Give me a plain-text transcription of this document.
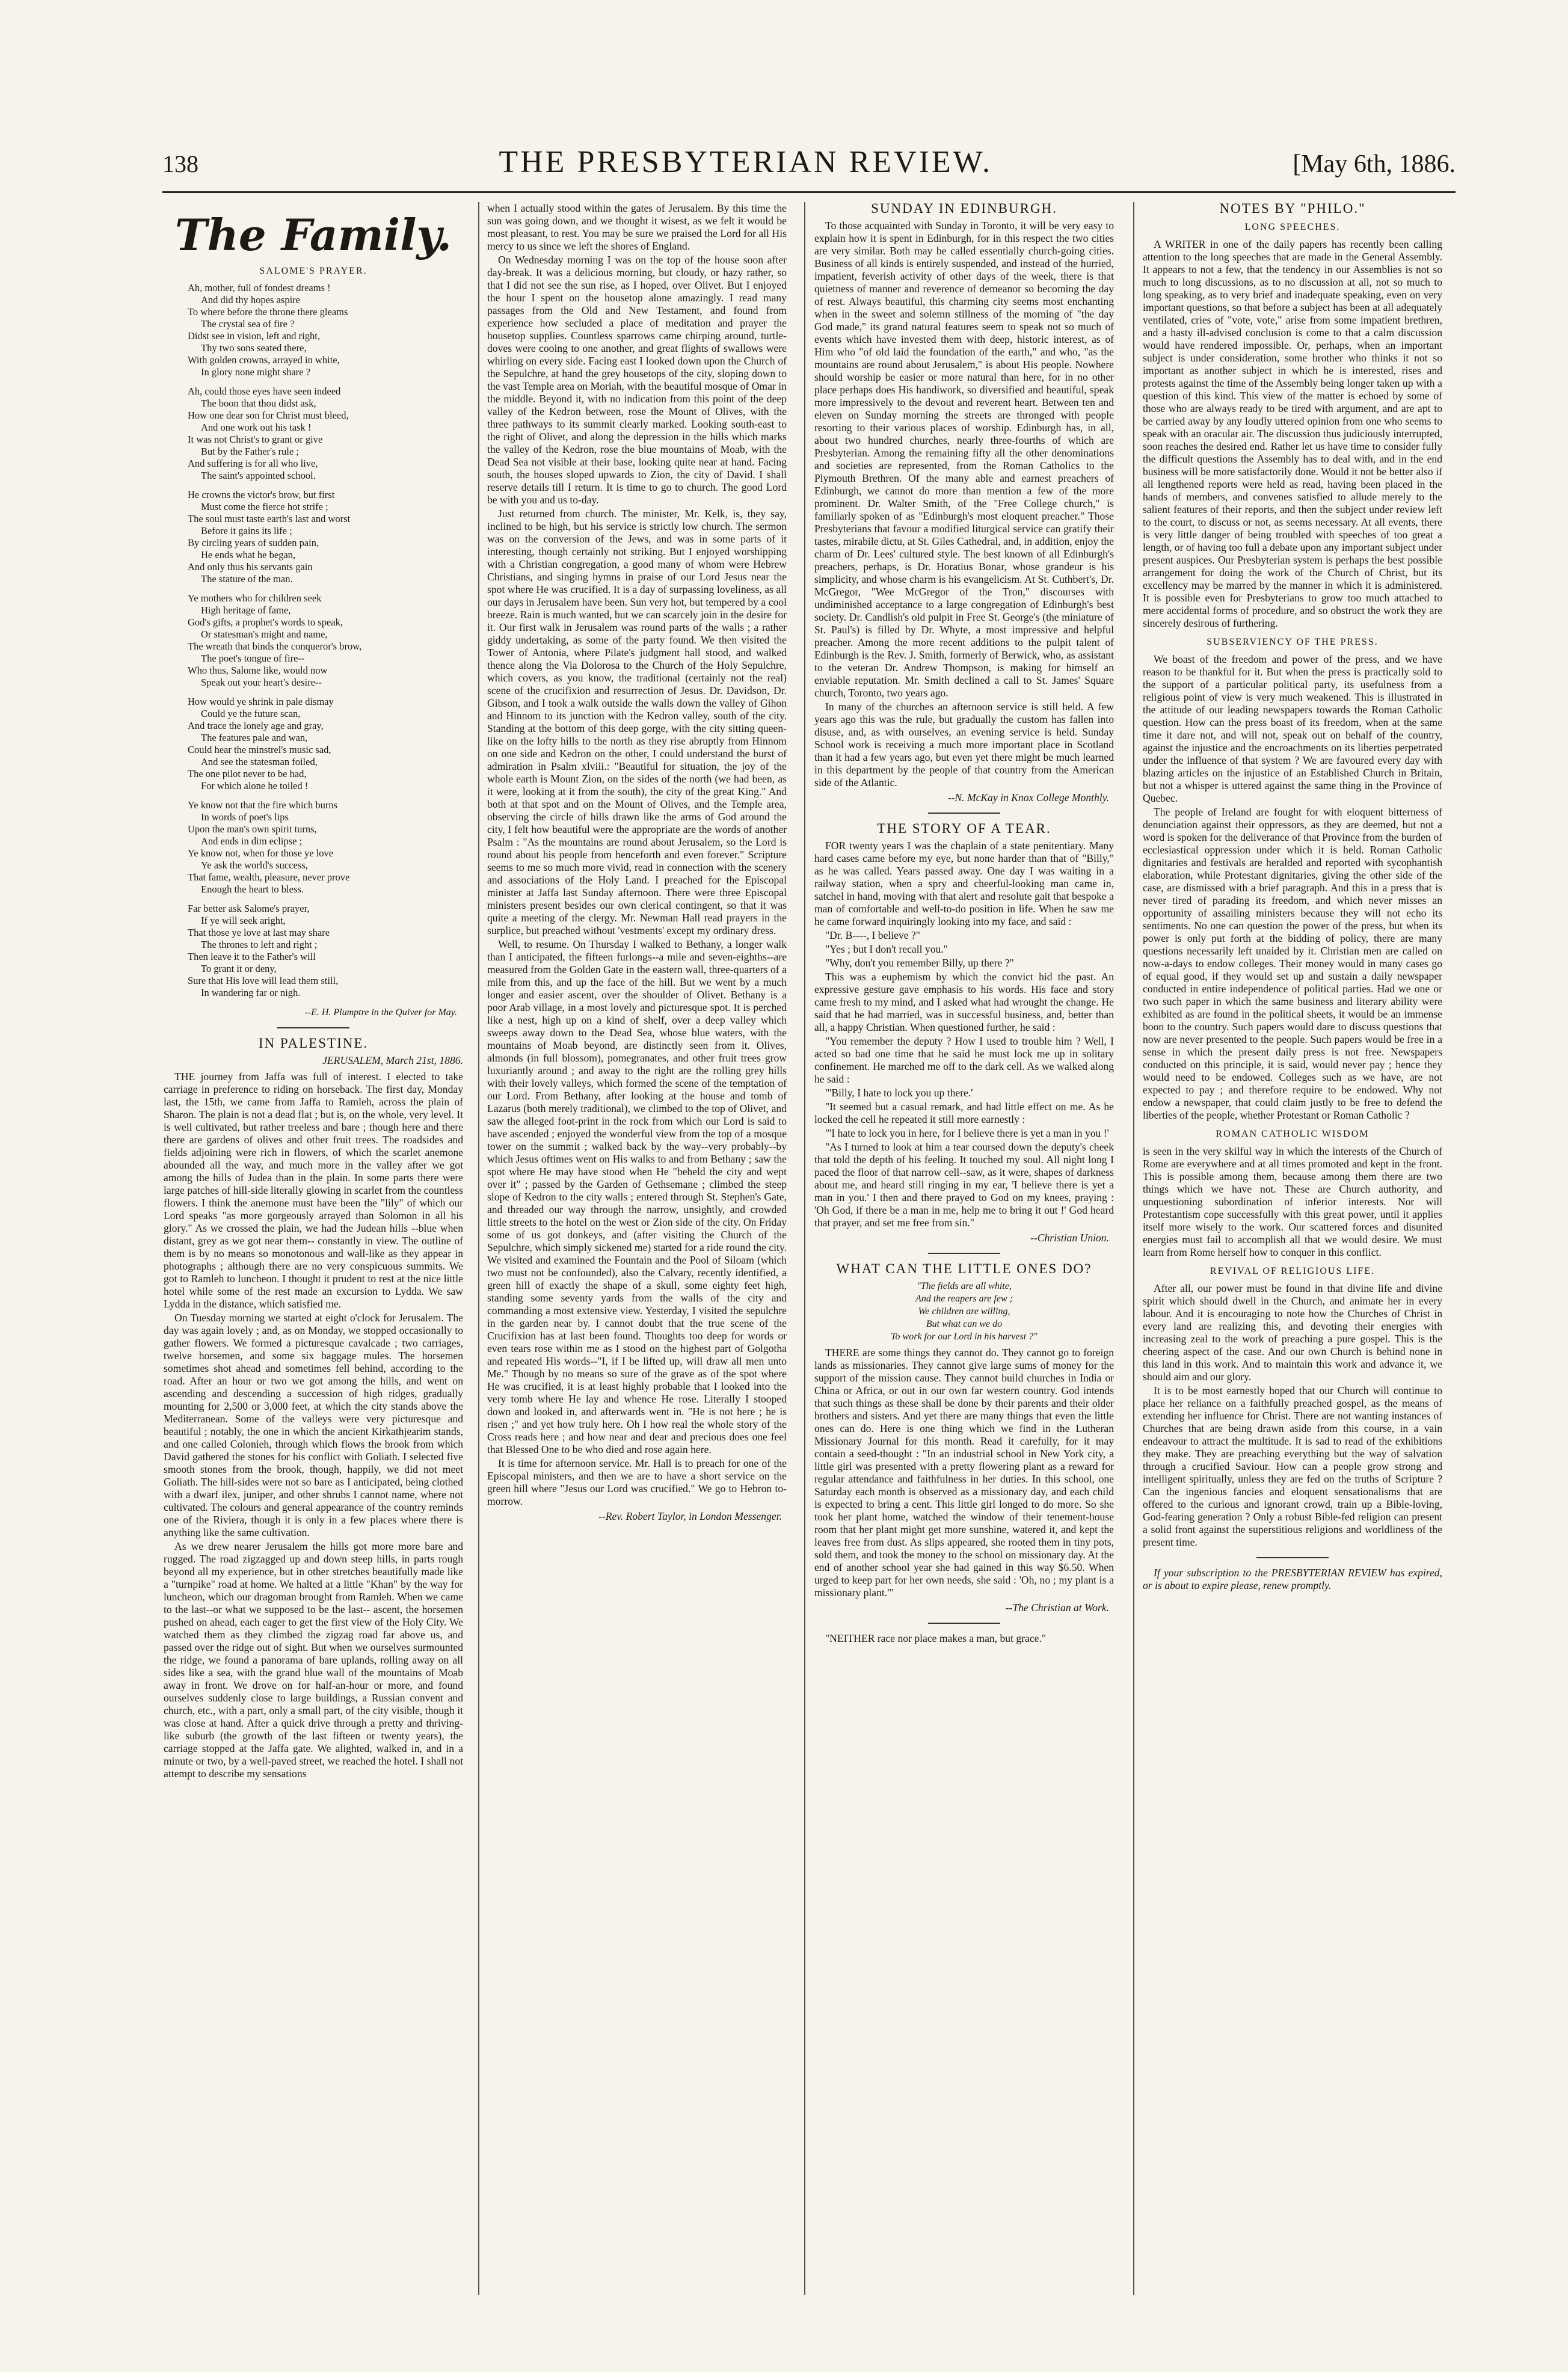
138	THE PRESBYTERIAN REVIEW.	[May 6th, 1886.
The Family.
SALOME'S PRAYER.
Ah, mother, full of fondest dreams !
And did thy hopes aspire
To where before the throne there gleams
The crystal sea of fire ?
Didst see in vision, left and right,
Thy two sons seated there,
With golden crowns, arrayed in white,
In glory none might share ?
Ah, could those eyes have seen indeed
The boon that thou didst ask,
How one dear son for Christ must bleed,
And one work out his task !
It was not Christ's to grant or give
But by the Father's rule ;
And suffering is for all who live,
The saint's appointed school.
He crowns the victor's brow, but first
Must come the fierce hot strife ;
The soul must taste earth's last and worst
Before it gains its life ;
By circling years of sudden pain,
He ends what he began,
And only thus his servants gain
The stature of the man.
Ye mothers who for children seek
High heritage of fame,
God's gifts, a prophet's words to speak,
Or statesman's might and name,
The wreath that binds the conqueror's brow,
The poet's tongue of fire--
Who thus, Salome like, would now
Speak out your heart's desire--
How would ye shrink in pale dismay
Could ye the future scan,
And trace the lonely age and gray,
The features pale and wan,
Could hear the minstrel's music sad,
And see the statesman foiled,
The one pilot never to be had,
For which alone he toiled !
Ye know not that the fire which burns
In words of poet's lips
Upon the man's own spirit turns,
And ends in dim eclipse ;
Ye know not, when for those ye love
Ye ask the world's success,
That fame, wealth, pleasure, never prove
Enough the heart to bless.
Far better ask Salome's prayer,
If ye will seek aright,
That those ye love at last may share
The thrones to left and right ;
Then leave it to the Father's will
To grant it or deny,
Sure that His love will lead them still,
In wandering far or nigh.
--E. H. Plumptre in the Quiver for May.
IN PALESTINE.
JERUSALEM, March 21st, 1886.

THE journey from Jaffa was full of interest. I elected to take carriage in preference to riding on horseback. The first day, Monday last, the 15th, we came from Jaffa to Ramleh, across the plain of Sharon. The plain is not a dead flat ; but is, on the whole, very level. It is well cultivated, but rather treeless and bare ; though here and there there are gardens of olives and other fruit trees. The roadsides and fields adjoining were rich in flowers, of which the scarlet anemone abounded all the way, and much more in the valley after we got among the hills of Judea than in the plain. In some parts there were large patches of hill-side literally glowing in scarlet from the countless flowers. I think the anemone must have been the "lily" of which our Lord speaks "as more gorgeously arrayed than Solomon in all his glory." As we crossed the plain, we had the Judean hills --blue when distant, grey as we got near them-- constantly in view. The outline of them is by no means so monotonous and wall-like as they appear in photographs ; although there are no very conspicuous summits. We got to Ramleh to luncheon. I thought it prudent to rest at the nice little hotel while some of the rest made an excursion to Lydda. We saw Lydda in the distance, which satisfied me.

On Tuesday morning we started at eight o'clock for Jerusalem. The day was again lovely ; and, as on Monday, we stopped occasionally to gather flowers. We formed a picturesque cavalcade ; two carriages, twelve horsemen, and some six baggage mules. The horsemen sometimes shot ahead and sometimes fell behind, according to the road. After an hour or two we got among the hills, and went on ascending and descending a succession of high ridges, gradually mounting for 2,500 or 3,000 feet, at which the city stands above the Mediterranean. Some of the valleys were very picturesque and beautiful ; notably, the one in which the ancient Kirkathjearim stands, and one called Colonieh, through which flows the brook from which David gathered the stones for his conflict with Goliath. I selected five smooth stones from the brook, though, happily, we did not meet Goliath. The hill-sides were not so bare as I anticipated, being clothed with a dwarf ilex, juniper, and other shrubs I cannot name, where not cultivated. The colours and general appearance of the country reminds one of the Riviera, though it is only in a few places where there is anything like the same cultivation.

As we drew nearer Jerusalem the hills got more more bare and rugged. The road zigzagged up and down steep hills, in parts rough beyond all my experience, but in other stretches beautifully made like a "turnpike" road at home. We halted at a little "Khan" by the way for luncheon, which our dragoman brought from Ramleh. When we came to the last--or what we supposed to be the last-- ascent, the horsemen pushed on ahead, each eager to get the first view of the Holy City. We watched them as they climbed the zigzag road far above us, and passed over the ridge out of sight. But when we ourselves surmounted the ridge, we found a panorama of bare uplands, rolling away on all sides like a sea, with the grand blue wall of the mountains of Moab away in front. We drove on for half-an-hour or more, and found ourselves suddenly close to large buildings, a Russian convent and church, etc., with a part, only a small part, of the city visible, though it was close at hand. After a quick drive through a pretty and thriving-like suburb (the growth of the last fifteen or twenty years), the carriage stopped at the Jaffa gate. We alighted, walked in, and in a minute or two, by a well-paved street, we reached the hotel. I shall not attempt to describe my sensations

when I actually stood within the gates of Jerusalem. By this time the sun was going down, and we thought it wisest, as we felt it would be most pleasant, to rest. You may be sure we praised the Lord for all His mercy to us since we left the shores of England.

On Wednesday morning I was on the top of the house soon after day-break. It was a delicious morning, but cloudy, or hazy rather, so that I did not see the sun rise, as I hoped, over Olivet. But I enjoyed the hour I spent on the housetop alone amazingly. I read many passages from the Old and New Testament, and found from experience how secluded a place of meditation and prayer the housetop supplies. Countless sparrows came chirping around, turtle-doves were cooing to one another, and great flights of swallows were whirling on every side. Facing east I looked down upon the Church of the Sepulchre, at hand the grey housetops of the city, sloping down to the vast Temple area on Moriah, with the beautiful mosque of Omar in the middle. Beyond it, with no indication from this point of the deep valley of the Kedron between, rose the Mount of Olives, with the three pathways to its summit clearly marked. Looking south-east to the right of Olivet, and along the depression in the hills which marks the valley of the Kedron, rose the blue mountains of Moab, with the Dead Sea not visible at their base, looking quite near at hand. Facing south, the houses sloped upwards to Zion, the city of David. I shall reserve details till I return. It is time to go to church. The good Lord be with you and us to-day.

Just returned from church. The minister, Mr. Kelk, is, they say, inclined to be high, but his service is strictly low church. The sermon was on the conversion of the Jews, and was in some parts of it interesting, though certainly not striking. But I enjoyed worshipping with a Christian congregation, a good many of whom were Hebrew Christians, and singing hymns in praise of our Lord Jesus near the spot where He was crucified. It is a day of surpassing loveliness, as all our days in Jerusalem have been. Sun very hot, but tempered by a cool breeze. Rain is much wanted, but we can scarcely join in the desire for it. Our first walk in Jerusalem was round parts of the walls ; a rather giddy undertaking, as some of the party found. We then visited the Tower of Antonia, where Pilate's judgment hall stood, and walked thence along the Via Dolorosa to the Church of the Holy Sepulchre, which covers, as you know, the traditional (certainly not the real) scene of the crucifixion and resurrection of Jesus. Dr. Davidson, Dr. Gibson, and I took a walk outside the walls down the valley of Gihon and Hinnom to its junction with the Kedron valley, south of the city. Standing at the bottom of this deep gorge, with the city sitting queen-like on the lofty hills to the north as they rise abruptly from Hinnom on one side and Kedron on the other, I could understand the burst of admiration in Psalm xlviii.: "Beautiful for situation, the joy of the whole earth is Mount Zion, on the sides of the north (we had been, as it were, looking at it from the south), the city of the great King." And both at that spot and on the Mount of Olives, and the Temple area, observing the circle of hills drawn like the arms of God around the city, I felt how beautiful were the appropriate are the words of another Psalm : "As the mountains are round about Jerusalem, so the Lord is round about his people from henceforth and even forever." Scripture seems to me so much more vivid, read in connection with the scenery and associations of the Holy Land. I preached for the Episcopal minister at Jaffa last Sunday afternoon. There were three Episcopal ministers present besides our own clerical contingent, so that it was quite a meeting of the clergy. Mr. Newman Hall read prayers in the surplice, but preached without 'vestments' except my ordinary dress.

Well, to resume. On Thursday I walked to Bethany, a longer walk than I anticipated, the fifteen furlongs--a mile and seven-eighths--are measured from the Golden Gate in the eastern wall, three-quarters of a mile from this, and up the face of the hill. But we went by a much longer and easier ascent, over the shoulder of Olivet. Bethany is a poor Arab village, in a most lovely and picturesque spot. It is perched like a nest, high up on a kind of shelf, over a deep valley which sweeps away down to the Dead Sea, whose blue waters, with the mountains of Moab beyond, are distinctly seen from it. Olives, almonds (in full blossom), pomegranates, and other fruit trees grow luxuriantly around ; and away to the right are the rolling grey hills with their lovely valleys, which formed the scene of the temptation of our Lord. From Bethany, after looking at the house and tomb of Lazarus (both merely traditional), we climbed to the top of Olivet, and saw the alleged foot-print in the rock from which our Lord is said to have ascended ; enjoyed the wonderful view from the top of a mosque tower on the summit ; walked back by the way--very probably--by which Jesus oftimes went on His walks to and from Bethany ; saw the spot where He may have stood when He "beheld the city and wept over it" ; passed by the Garden of Gethsemane ; climbed the steep slope of Kedron to the city walls ; entered through St. Stephen's Gate, and threaded our way through the narrow, unsightly, and crowded little streets to the hotel on the west or Zion side of the city. On Friday some of us got donkeys, and (after visiting the Church of the Sepulchre, which simply sickened me) started for a ride round the city. We visited and examined the Fountain and the Pool of Siloam (which two must not be confounded), also the Calvary, recently identified, a green hill of exactly the shape of a skull, some eighty feet high, standing some seventy yards from the walls of the city and commanding a most extensive view. Yesterday, I visited the sepulchre in the garden near by. I cannot doubt that the true scene of the Crucifixion has at last been found. Thoughts too deep for words or even tears rose within me as I stood on the highest part of Golgotha and repeated His words--"I, if I be lifted up, will draw all men unto Me." Though by no means so sure of the grave as of the spot where He was crucified, it is at least highly probable that I looked into the very tomb where He lay and whence He rose. Literally I stooped down and looked in, and afterwards went in. "He is not here ; he is risen ;" and yet how truly here. Oh I how real the whole story of the Cross reads here ; and how near and dear and precious does one feel that Blessed One to be who died and rose again here.

It is time for afternoon service. Mr. Hall is to preach for one of the Episcopal ministers, and then we are to have a short service on the green hill where "Jesus our Lord was crucified." We go to Hebron to-morrow.

--Rev. Robert Taylor, in London Messenger.
SUNDAY IN EDINBURGH.

To those acquainted with Sunday in Toronto, it will be very easy to explain how it is spent in Edinburgh, for in this respect the two cities are very similar. Both may be called essentially church-going cities. Business of all kinds is entirely suspended, and instead of the hurried, impatient, feverish activity of other days of the week, there is that quietness of manner and reverence of demeanor so becoming the day of rest. Always beautiful, this charming city seems most enchanting when in the sweet and solemn stillness of the morning of "the day God made," its grand natural features seem to speak not so much of events which have invested them with deep, historic interest, as of Him who "of old laid the foundation of the earth," and who, "as the mountains are round about Jerusalem," is about His people. Nowhere should worship be easier or more natural than here, for in no other place perhaps does His handiwork, so diversified and beautiful, speak more impressively to the devout and reverent heart. Between ten and eleven on Sunday morning the streets are thronged with people resorting to their various places of worship. Edinburgh has, in all, about two hundred churches, nearly three-fourths of which are Presbyterian. Among the remaining fifty all the other denominations and societies are represented, from the Roman Catholics to the Plymouth Brethren. Of the many able and earnest preachers of Edinburgh, we cannot do more than mention a few of the more prominent. Dr. Walter Smith, of the "Free College church," is familiarly spoken of as "Edinburgh's most eloquent preacher." Those Presbyterians that favour a modified liturgical service can gratify their tastes, mirabile dictu, at St. Giles Cathedral, and, in addition, enjoy the charm of Dr. Lees' cultured style. The best known of all Edinburgh's preachers, perhaps, is Dr. Horatius Bonar, whose grandeur is his simplicity, and whose charm is his evangelicism. At St. Cuthbert's, Dr. McGregor, "Wee McGregor of the Tron," discourses with undiminished acceptance to a large congregation of Edinburgh's best society. Dr. Candlish's old pulpit in Free St. George's (the miniature of St. Paul's) is filled by Dr. Whyte, a most impressive and helpful preacher. Among the more recent additions to the pulpit talent of Edinburgh is the Rev. J. Smith, formerly of Berwick, who, as assistant to the veteran Dr. Andrew Thompson, is making for himself an enviable reputation. Mr. Smith declined a call to St. James' Square church, Toronto, two years ago.

In many of the churches an afternoon service is still held. A few years ago this was the rule, but gradually the custom has fallen into disuse, and, as with ourselves, an evening service is held. Sunday School work is receiving a much more important place in Scotland than it had a few years ago, but even yet there might be much learned in this department by the people of that country from the American side of the Atlantic.

--N. McKay in Knox College Monthly.
THE STORY OF A TEAR.

FOR twenty years I was the chaplain of a state penitentiary. Many hard cases came before my eye, but none harder than that of "Billy," as he was called. Years passed away. One day I was waiting in a railway station, when a spry and cheerful-looking man came in, satchel in hand, moving with that alert and resolute gait that bespoke a man of comfortable and well-to-do position in life. When he saw me he came forward inquiringly looking into my face, and said :

"Dr. B----, I believe ?"

"Yes ; but I don't recall you."

"Why, don't you remember Billy, up there ?"

This was a euphemism by which the convict hid the past. An expressive gesture gave emphasis to his words. His face and story came fresh to my mind, and I asked what had wrought the change. He said that he had married, was in successful business, and, better than all, a happy Christian. When questioned further, he said :

"You remember the deputy ? How I used to trouble him ? Well, I acted so bad one time that he said he must lock me up in solitary confinement. He marched me off to the dark cell. As we walked along he said :

"'Billy, I hate to lock you up there.'

"It seemed but a casual remark, and had little effect on me. As he locked the cell he repeated it still more earnestly :

"'I hate to lock you in here, for I believe there is yet a man in you !'

"As I turned to look at him a tear coursed down the deputy's cheek that told the depth of his feeling. It touched my soul. All night long I paced the floor of that narrow cell--saw, as it were, shapes of darkness about me, and heard still ringing in my ear, 'I believe there is yet a man in you.' I then and there prayed to God on my knees, praying : 'Oh God, if there be a man in me, help me to bring it out !' God heard that prayer, and set me free from sin."

--Christian Union.
WHAT CAN THE LITTLE ONES DO?
"The fields are all white,
And the reapers are few ;
We children are willing,
But what can we do
To work for our Lord in his harvest ?"

THERE are some things they cannot do. They cannot go to foreign lands as missionaries. They cannot give large sums of money for the support of the mission cause. They cannot build churches in India or China or Africa, or out in our own far western country. God intends that such things as these shall be done by their parents and their older brothers and sisters. And yet there are many things that even the little ones can do. Here is one thing which we find in the Lutheran Missionary Journal for this month. Read it carefully, for it may contain a seed-thought : "In an industrial school in New York city, a little girl was presented with a pretty flowering plant as a reward for regular attendance and faithfulness in her duties. In this school, one Saturday each month is observed as a missionary day, and each child is expected to bring a cent. This little girl longed to do more. So she took her plant home, watched the window of their tenement-house room that her plant might get more sunshine, watered it, and kept the leaves free from dust. As slips appeared, she rooted them in tiny pots, sold them, and took the money to the school on missionary day. At the end of another school year she had gained in this way $6.50. When urged to keep part for her own needs, she said : 'Oh, no ; my plant is a missionary plant.'"

--The Christian at Work.

"NEITHER race nor place makes a man, but grace."

NOTES BY "PHILO."
LONG SPEECHES.

A WRITER in one of the daily papers has recently been calling attention to the long speeches that are made in the General Assembly. It appears to not a few, that the tendency in our Assemblies is not so much to long discussions, as to no discussion at all, not so much to long speaking, as to very brief and inadequate speaking, even on very important questions, so that before a subject has been at all adequately ventilated, cries of "vote, vote," arise from some impatient brethren, and a hasty ill-advised conclusion is come to that a calm discussion would have rendered impossible. Or, perhaps, when an important subject is under consideration, some brother who thinks it not so important as another subject in which he is interested, rises and protests against the time of the Assembly being longer taken up with a question of this kind. This view of the matter is echoed by some of those who are always ready to be tired with argument, and are apt to be carried away by any loudly uttered opinion from one who seems to speak with an oracular air. The discussion thus judiciously interrupted, soon reaches the desired end. Rather let us have time to consider fully the difficult questions the Assembly has to deal with, and in the end business will be more satisfactorily done. Would it not be better also if all lengthened reports were held as read, having been placed in the hands of members, and convenes satisfied to allude merely to the salient features of their reports, and then the subject under review left to the court, to discuss or not, as seems necessary. At all events, there is very little danger of being troubled with speeches of too great a length, or of having too full a debate upon any important subject under present auspices. Our Presbyterian system is perhaps the best possible arrangement for doing the work of the Church of Christ, but its excellency may be marred by the manner in which it is administered. It is possible even for Presbyterians to grow too much attached to mere accidental forms of procedure, and so obstruct the work they are sincerely desirous of furthering.

SUBSERVIENCY OF THE PRESS.

We boast of the freedom and power of the press, and we have reason to be thankful for it. But when the press is practically sold to the support of a particular political party, its usefulness from a religious point of view is very much weakened. This is illustrated in the attitude of our leading newspapers towards the Roman Catholic question. How can the press boast of its freedom, when at the same time it dare not, and will not, speak out on behalf of the country, against the injustice and the encroachments on its liberties perpetrated under the influence of that system ? We are favoured every day with blazing articles on the injustice of an Established Church in Britain, but not a whisper is uttered against the same thing in the Province of Quebec.

The people of Ireland are fought for with eloquent bitterness of denunciation against their oppressors, as they are deemed, but not a word is spoken for the deliverance of that Province from the burden of ecclesiastical oppression under which it is held. Roman Catholic dignitaries and festivals are heralded and reported with sycophantish elaboration, while Protestant dignitaries, giving the other side of the case, are dismissed with a brief paragraph. And this in a press that is never tired of parading its freedom, and which never misses an opportunity of assailing ministers because they will not echo its sentiments. No one can question the power of the press, but when its power is only put forth at the bidding of policy, there are many questions necessarily left unaided by it. Christian men are called on now-a-days to endow colleges. Their money would in many cases go of equal good, if they would set up and sustain a daily newspaper conducted in entire independence of political parties. Had we one or two such paper in which the same business and literary ability were exhibited as are found in the political sheets, it would be an immense boon to the country. Such papers would dare to discuss questions that now are never presented to the people. Such papers would be free in a sense in which the present daily press is not free. Newspapers conducted on this principle, it is said, would never pay ; hence they would need to be endowed. Colleges such as we have, are not expected to pay ; and therefore require to be endowed. Why not endow a newspaper, that could claim justly to be free to defend the liberties of the people, whether Protestant or Roman Catholic ?

ROMAN CATHOLIC WISDOM

is seen in the very skilful way in which the interests of the Church of Rome are everywhere and at all times promoted and kept in the front. This is possible among them, because among them there are two things which we have not. These are Church authority, and unquestioning subordination of inferior interests. Nor will Protestantism cope successfully with this great power, until it applies itself more wisely to the work. Our scattered forces and disunited energies must fail to accomplish all that we would desire. We must learn from Rome herself how to conquer in this conflict.

REVIVAL OF RELIGIOUS LIFE.

After all, our power must be found in that divine life and divine spirit which should dwell in the Church, and animate her in every labour. And it is encouraging to note how the Churches of Christ in every land are realizing this, and devoting their energies with increasing zeal to the work of preaching a pure gospel. This is the cheering aspect of the case. And our own Church is behind none in this land in this work. And to maintain this work and advance it, we should aim and our glory.

It is to be most earnestly hoped that our Church will continue to place her reliance on a faithfully preached gospel, as the means of extending her influence for Christ. There are not wanting instances of Churches that are being drawn aside from this course, in a vain endeavour to attract the multitude. It is sad to read of the exhibitions they make. They are preaching everything but the way of salvation through a crucified Saviour. How can a people grow strong and intelligent spiritually, unless they are fed on the truths of Scripture ? Can the ingenious fancies and eloquent sensationalisms that are offered to the curious and ignorant crowd, train up a Bible-loving, God-fearing generation ? Only a robust Bible-fed religion can present a solid front against the superstitious religions and worldliness of the present time.

If your subscription to the PRESBYTERIAN REVIEW has expired, or is about to expire please, renew promptly.
